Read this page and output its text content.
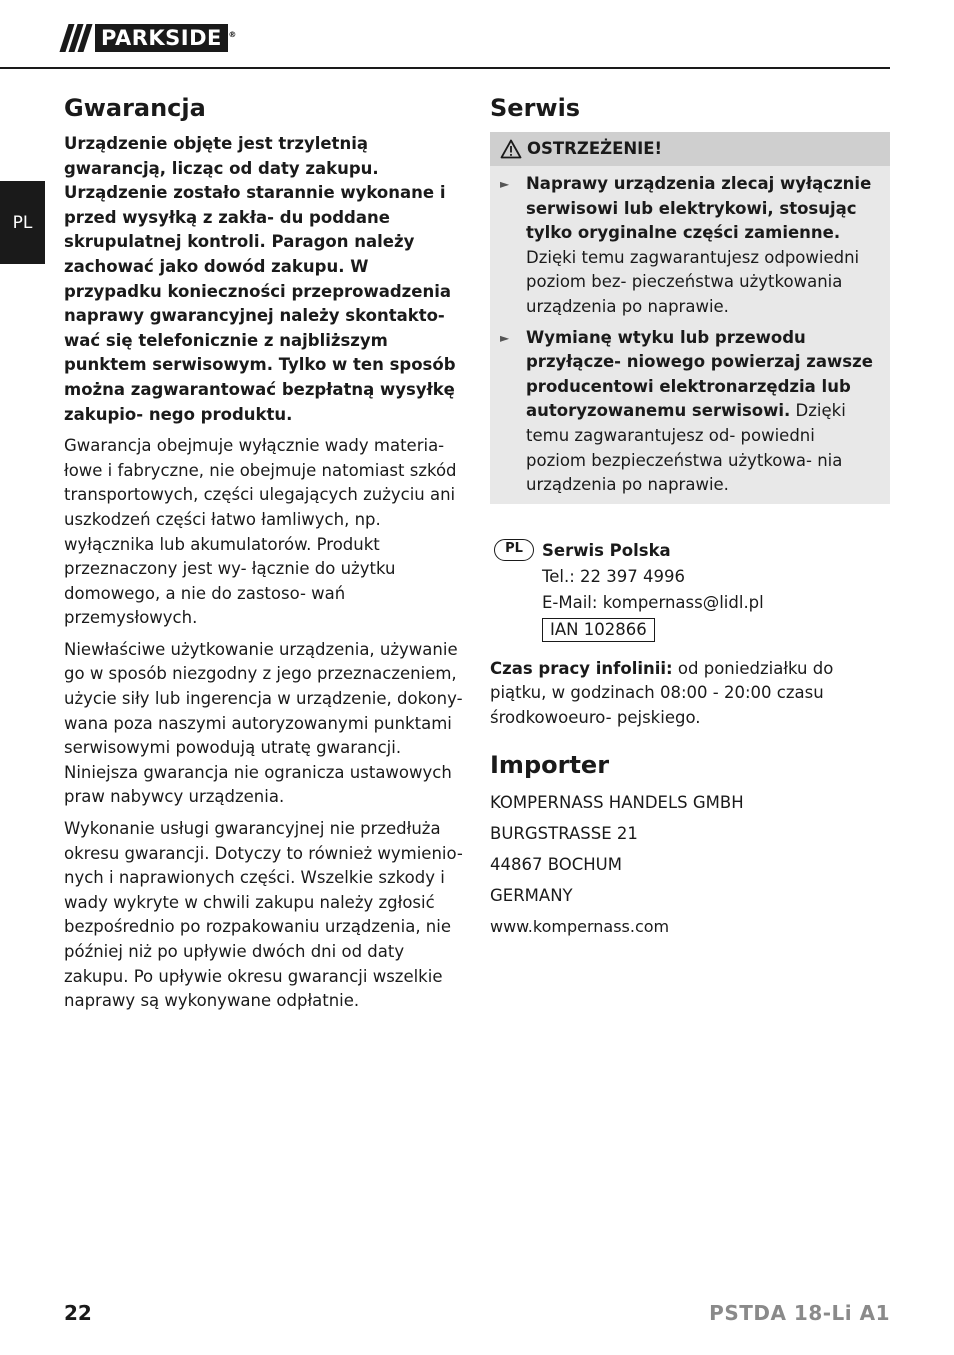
PARKSIDE ®
PL
Gwarancja

Urządzenie objęte jest trzyletnią gwarancją, licząc od daty zakupu. Urządzenie zostało starannie wykonane i przed wysyłką z zakła- du poddane skrupulatnej kontroli. Paragon należy zachować jako dowód zakupu. W przypadku konieczności przeprowadzenia naprawy gwarancyjnej należy skontakto- wać się telefonicznie z najbliższym punktem serwisowym. Tylko w ten sposób można zagwarantować bezpłatną wysyłkę zakupio- nego produktu.

Gwarancja obejmuje wyłącznie wady materia- łowe i fabryczne, nie obejmuje natomiast szkód transportowych, części ulegających zużyciu ani uszkodzeń części łatwo łamliwych, np. wyłącznika lub akumulatorów. Produkt przeznaczony jest wy- łącznie do użytku domowego, a nie do zastoso- wań przemysłowych.

Niewłaściwe użytkowanie urządzenia, używanie go w sposób niezgodny z jego przeznaczeniem, użycie siły lub ingerencja w urządzenie, dokony- wana poza naszymi autoryzowanymi punktami serwisowymi powodują utratę gwarancji. Niniejsza gwarancja nie ogranicza ustawowych praw nabywcy urządzenia.

Wykonanie usługi gwarancyjnej nie przedłuża okresu gwarancji. Dotyczy to również wymienio- nych i naprawionych części. Wszelkie szkody i wady wykryte w chwili zakupu należy zgłosić bezpośrednio po rozpakowaniu urządzenia, nie później niż po upływie dwóch dni od daty zakupu. Po upływie okresu gwarancji wszelkie naprawy są wykonywane odpłatnie.

Serwis
OSTRZEŻENIE!
►	Naprawy urządzenia zlecaj wyłącznie serwisowi lub elektrykowi, stosując tylko oryginalne części zamienne. Dzięki temu zagwarantujesz odpowiedni poziom bez- pieczeństwa użytkowania urządzenia po naprawie.
►	Wymianę wtyku lub przewodu przyłącze- niowego powierzaj zawsze producentowi elektronarzędzia lub autoryzowanemu serwisowi. Dzięki temu zagwarantujesz od- powiedni poziom bezpieczeństwa użytkowa- nia urządzenia po naprawie.
PL	Serwis Polska
Tel.: 22 397 4996
E-Mail: kompernass@lidl.pl
IAN 102866

Czas pracy infolinii: od poniedziałku do piątku, w godzinach 08:00 - 20:00 czasu środkowoeuro- pejskiego.

Importer
KOMPERNASS HANDELS GMBH
BURGSTRASSE 21
44867 BOCHUM
GERMANY
www.kompernass.com
22	PSTDA 18-Li A1
